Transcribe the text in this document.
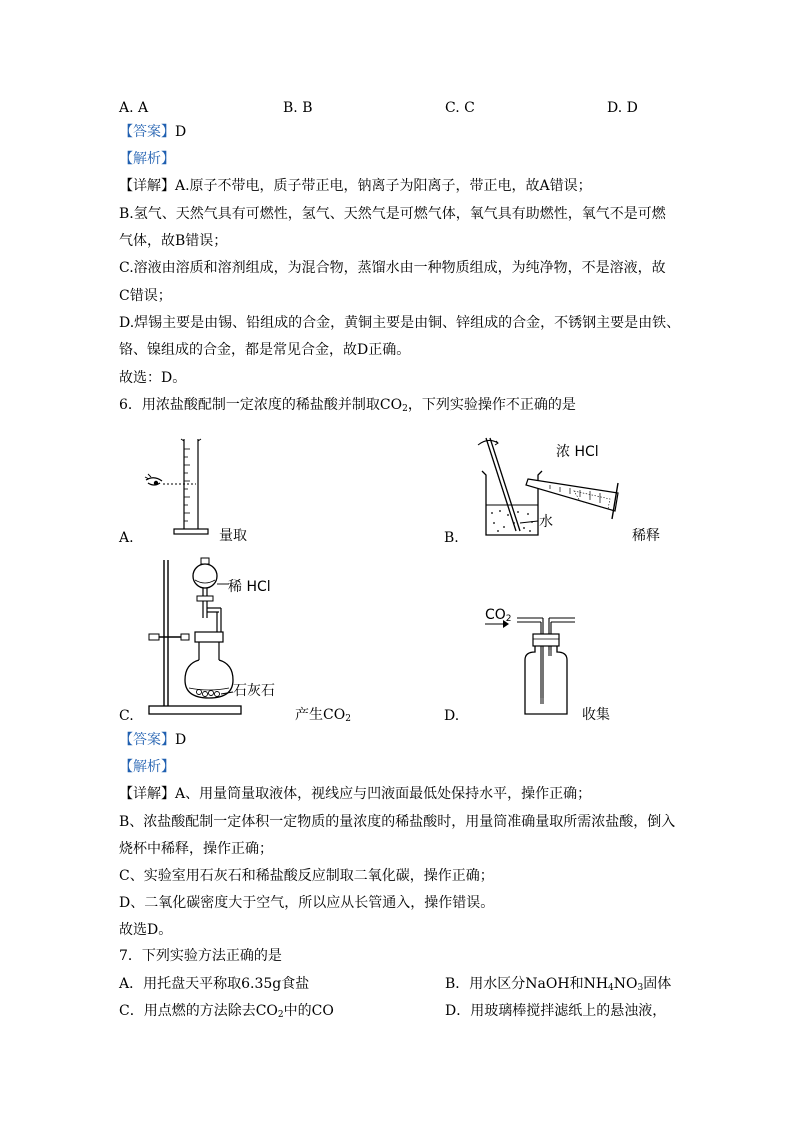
A. A	B. B	C. C	D. D
【答案】D
【解析】
【详解】A.原子不带电，质子带正电，钠离子为阳离子，带正电，故A错误；
B.氢气、天然气具有可燃性，氢气、天然气是可燃气体，氧气具有助燃性，氧气不是可燃
气体，故B错误；
C.溶液由溶质和溶剂组成，为混合物，蒸馏水由一种物质组成，为纯净物，不是溶液，故
C错误；
D.焊锡主要是由锡、铅组成的合金，黄铜主要是由铜、锌组成的合金，不锈钢主要是由铁、
铬、镍组成的合金，都是常见合金，故D正确。
故选：D。
6．用浓盐酸配制一定浓度的稀盐酸并制取$CO_2$，下列实验操作不正确的是
A.	量取
浓 HCl
水
B.	稀释
稀 HCl
石灰石
C.	产生$CO_2$
$CO_2$
D.	收集
【答案】D
【解析】
【详解】A、用量筒量取液体，视线应与凹液面最低处保持水平，操作正确；
B、浓盐酸配制一定体积一定物质的量浓度的稀盐酸时，用量筒准确量取所需浓盐酸，倒入
烧杯中稀释，操作正确；
C、实验室用石灰石和稀盐酸反应制取二氧化碳，操作正确；
D、二氧化碳密度大于空气，所以应从长管通入，操作错误。
故选D。
7．下列实验方法正确的是
A．用托盘天平称取6.35g食盐	B．用水区分NaOH和$NH_4NO_3$固体
C．用点燃的方法除去$CO_2$中的CO	D．用玻璃棒搅拌滤纸上的悬浊液，
